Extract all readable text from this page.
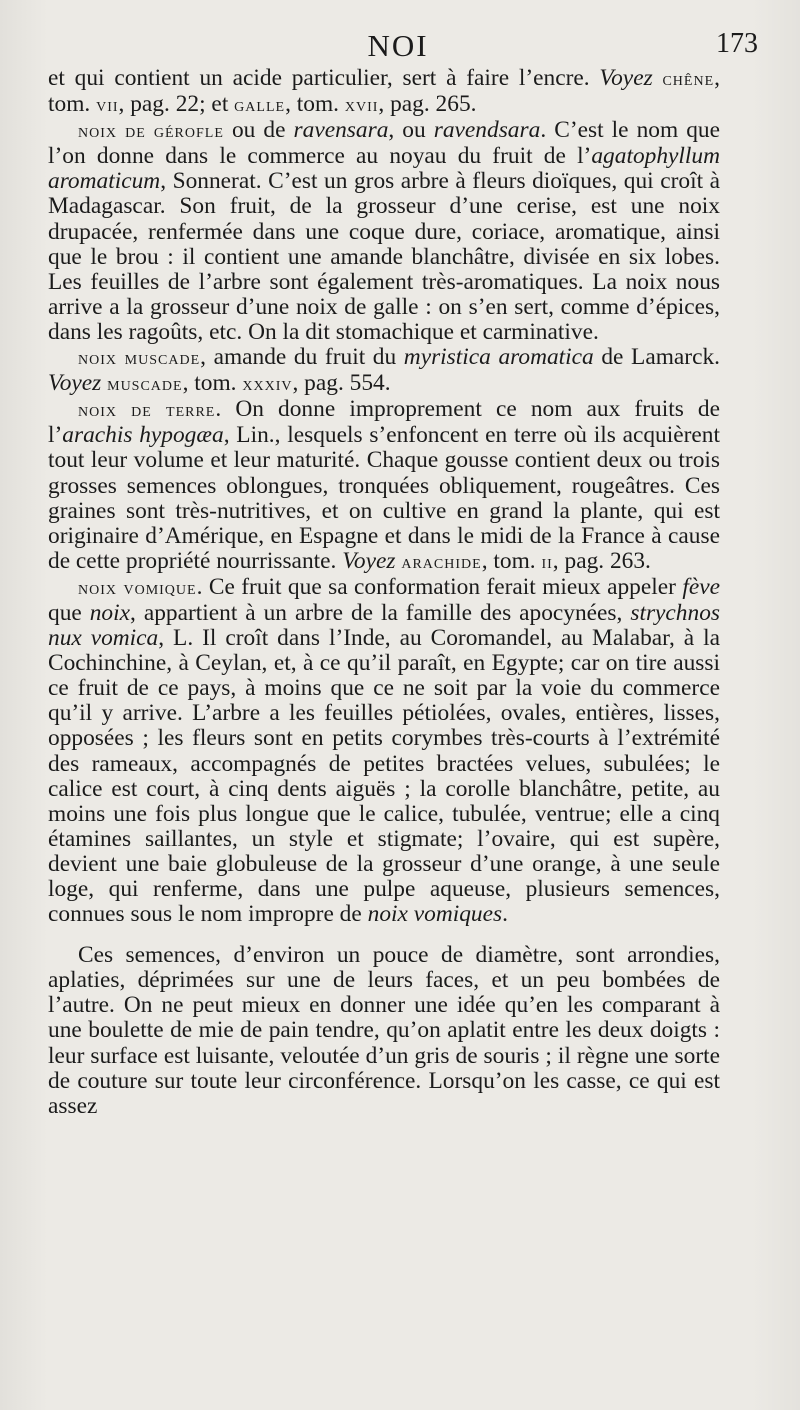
NOI	173

et qui contient un acide particulier, sert à faire l’encre. Voyez chêne, tom. vii, pag. 22; et galle, tom. xvii, pag. 265.

noix de gérofle ou de ravensara, ou ravendsara. C’est le nom que l’on donne dans le commerce au noyau du fruit de l’agatophyllum aromaticum, Sonnerat. C’est un gros arbre à fleurs dioïques, qui croît à Madagascar. Son fruit, de la grosseur d’une cerise, est une noix drupacée, renfermée dans une coque dure, coriace, aromatique, ainsi que le brou : il contient une amande blanchâtre, divisée en six lobes. Les feuilles de l’arbre sont également très-aromatiques. La noix nous arrive a la grosseur d’une noix de galle : on s’en sert, comme d’épices, dans les ragoûts, etc. On la dit stomachique et carminative.

noix muscade, amande du fruit du myristica aromatica de Lamarck. Voyez muscade, tom. xxxiv, pag. 554.

noix de terre. On donne improprement ce nom aux fruits de l’arachis hypogæa, Lin., lesquels s’enfoncent en terre où ils acquièrent tout leur volume et leur maturité. Chaque gousse contient deux ou trois grosses semences oblongues, tronquées obliquement, rougeâtres. Ces graines sont très-nutritives, et on cultive en grand la plante, qui est originaire d’Amérique, en Espagne et dans le midi de la France à cause de cette propriété nourrissante. Voyez arachide, tom. ii, pag. 263.

noix vomique. Ce fruit que sa conformation ferait mieux appeler fève que noix, appartient à un arbre de la famille des apocynées, strychnos nux vomica, L. Il croît dans l’Inde, au Coromandel, au Malabar, à la Cochinchine, à Ceylan, et, à ce qu’il paraît, en Egypte; car on tire aussi ce fruit de ce pays, à moins que ce ne soit par la voie du commerce qu’il y arrive. L’arbre a les feuilles pétiolées, ovales, entières, lisses, opposées ; les fleurs sont en petits corymbes très-courts à l’extrémité des rameaux, accompagnés de petites bractées velues, subulées; le calice est court, à cinq dents aiguës ; la corolle blanchâtre, petite, au moins une fois plus longue que le calice, tubulée, ventrue; elle a cinq étamines saillantes, un style et stigmate; l’ovaire, qui est supère, devient une baie globuleuse de la grosseur d’une orange, à une seule loge, qui renferme, dans une pulpe aqueuse, plusieurs semences, connues sous le nom impropre de noix vomiques.

Ces semences, d’environ un pouce de diamètre, sont arrondies, aplaties, déprimées sur une de leurs faces, et un peu bombées de l’autre. On ne peut mieux en donner une idée qu’en les comparant à une boulette de mie de pain tendre, qu’on aplatit entre les deux doigts : leur surface est luisante, veloutée d’un gris de souris ; il règne une sorte de couture sur toute leur circonférence. Lorsqu’on les casse, ce qui est assez
